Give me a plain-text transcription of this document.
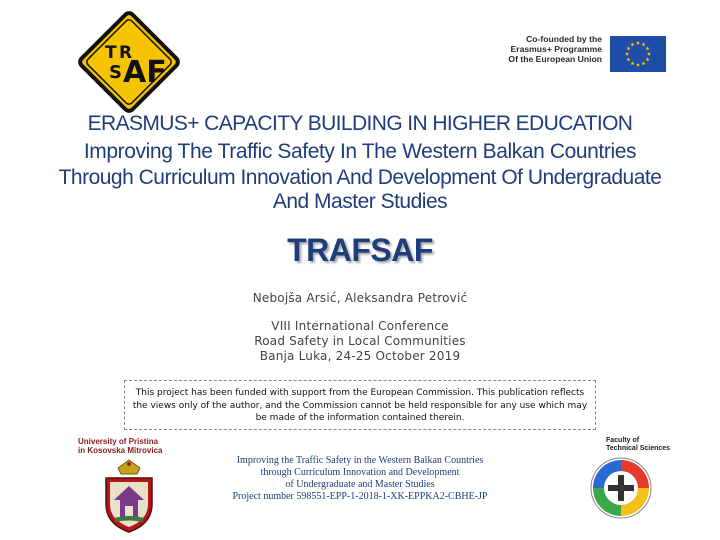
T R
S AF
Co-founded by the
Erasmus+ Programme
Of the European Union
ERASMUS+ CAPACITY BUILDING IN HIGHER EDUCATION
Improving The Traffic Safety In The Western Balkan Countries
Through Curriculum Innovation And Development Of Undergraduate
And Master Studies
TRAFSAF
Nebojša Arsić, Aleksandra Petrović
VIII International Conference
Road Safety in Local Communities
Banja Luka, 24-25 October 2019
This project has been funded with support from the European Commission. This publication reflects the views only of the author, and the Commission cannot be held responsible for any use which may be made of the information contained therein.
University of Pristina
in Kosovska Mitrovica
Improving the Traffic Safety in the Western Balkan Countries
through Curriculum Innovation and Development
of Undergraduate and Master Studies
Project number 598551-EPP-1-2018-1-XK-EPPKA2-CBHE-JP
Faculty of
Technical Sciences
